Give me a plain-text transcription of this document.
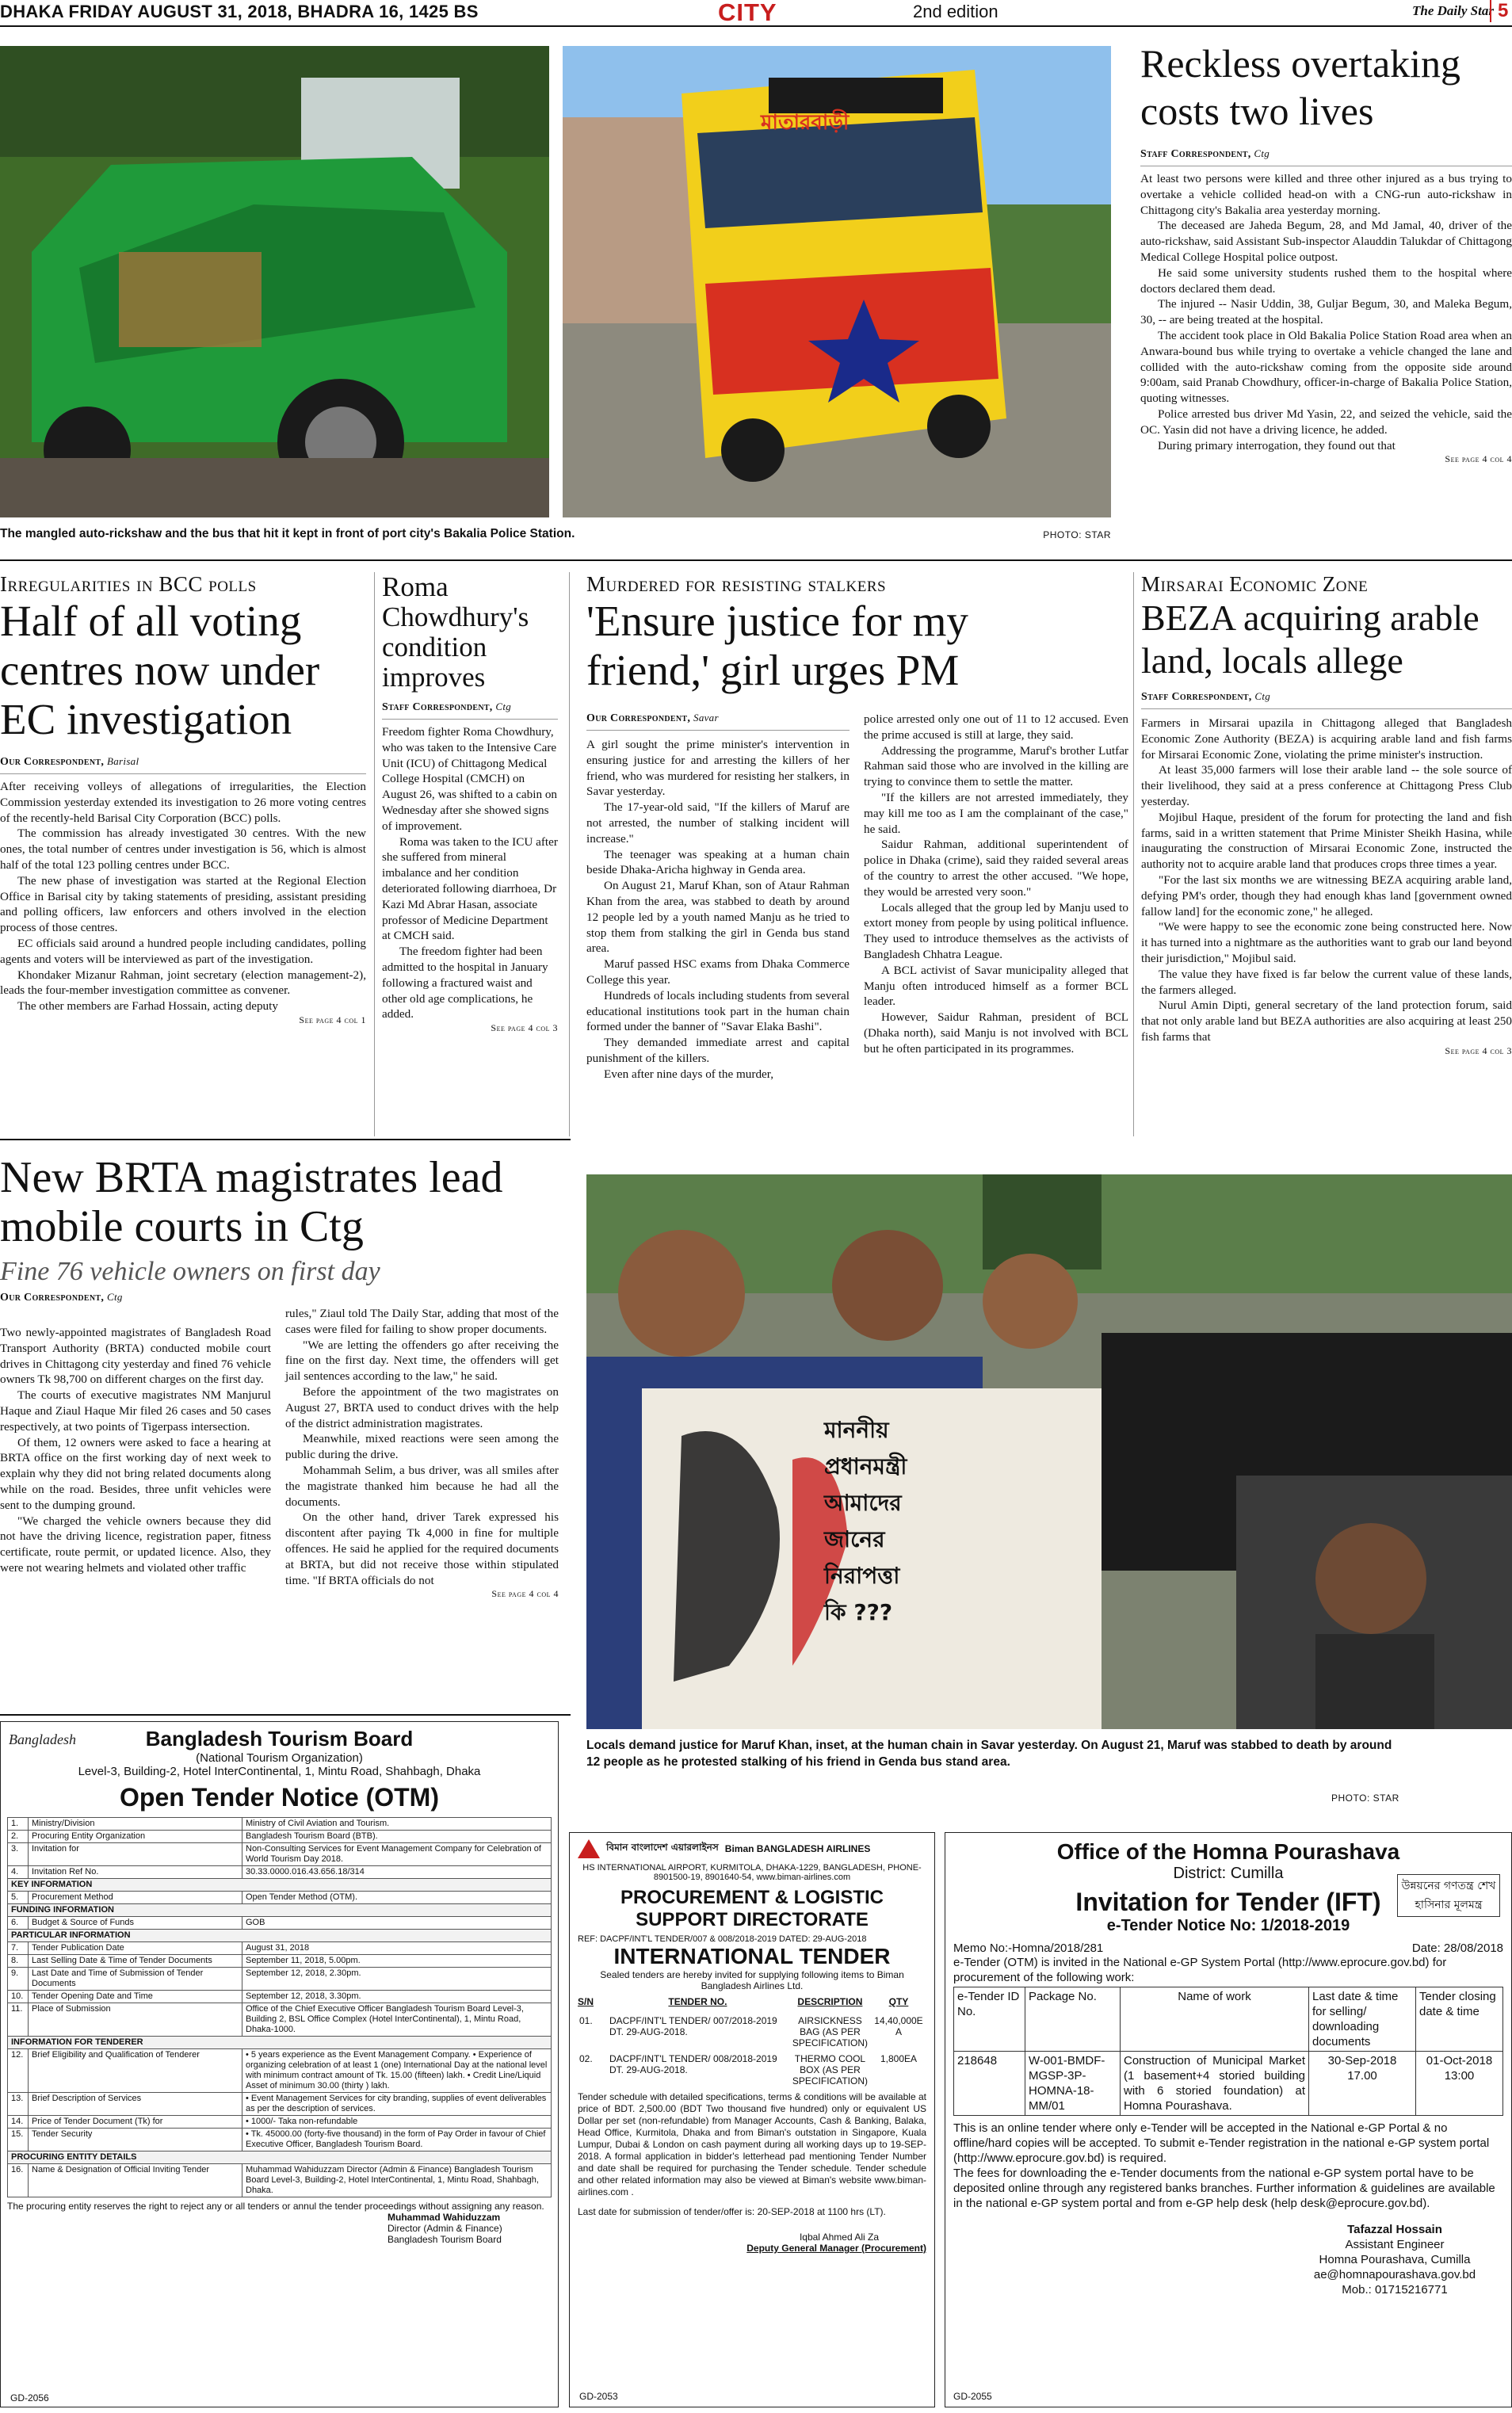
DHAKA FRIDAY AUGUST 31, 2018, BHADRA 16, 1425 BS	CITY	2nd edition	The Daily Star 5
মাতারবাড়ী
The mangled auto-rickshaw and the bus that hit it kept in front of port city's Bakalia Police Station.	PHOTO: STAR
Reckless overtaking costs two lives
Staff Correspondent, Ctg

At least two persons were killed and three other injured as a bus trying to overtake a vehicle collided head-on with a CNG-run auto-rickshaw in Chittagong city's Bakalia area yesterday morning.

The deceased are Jaheda Begum, 28, and Md Jamal, 40, driver of the auto-rickshaw, said Assistant Sub-inspector Alauddin Talukdar of Chittagong Medical College Hospital police outpost.

He said some university students rushed them to the hospital where doctors declared them dead.

The injured -- Nasir Uddin, 38, Guljar Begum, 30, and Maleka Begum, 30, -- are being treated at the hospital.

The accident took place in Old Bakalia Police Station Road area when an Anwara-bound bus while trying to overtake a vehicle changed the lane and collided with the auto-rickshaw coming from the opposite side around 9:00am, said Pranab Chowdhury, officer-in-charge of Bakalia Police Station, quoting witnesses.

Police arrested bus driver Md Yasin, 22, and seized the vehicle, said the OC. Yasin did not have a driving licence, he added.

During primary interrogation, they found out that

See page 4 col 4
Irregularities in BCC polls
Half of all voting centres now under EC investigation
Our Correspondent, Barisal

After receiving volleys of allegations of irregularities, the Election Commission yesterday extended its investigation to 26 more voting centres of the recently-held Barisal City Corporation (BCC) polls.

The commission has already investigated 30 centres. With the new ones, the total number of centres under investigation is 56, which is almost half of the total 123 polling centres under BCC.

The new phase of investigation was started at the Regional Election Office in Barisal city by taking statements of presiding, assistant presiding and polling officers, law enforcers and others involved in the election process of those centres.

EC officials said around a hundred people including candidates, polling agents and voters will be interviewed as part of the investigation.

Khondaker Mizanur Rahman, joint secretary (election management-2), leads the four-member investigation committee as convener.

The other members are Farhad Hossain, acting deputy

See page 4 col 1
Roma Chowdhury's condition improves
Staff Correspondent, Ctg

Freedom fighter Roma Chowdhury, who was taken to the Intensive Care Unit (ICU) of Chittagong Medical College Hospital (CMCH) on August 26, was shifted to a cabin on Wednesday after she showed signs of improvement.

Roma was taken to the ICU after she suffered from mineral imbalance and her condition deteriorated following diarrhoea, Dr Kazi Md Abrar Hasan, associate professor of Medicine Department at CMCH said.

The freedom fighter had been admitted to the hospital in January following a fractured waist and other old age complications, he added.

See page 4 col 3
Murdered for resisting stalkers
'Ensure justice for my friend,' girl urges PM
Our Correspondent, Savar

A girl sought the prime minister's intervention in ensuring justice for and arresting the killers of her friend, who was murdered for resisting her stalkers, in Savar yesterday.

The 17-year-old said, "If the killers of Maruf are not arrested, the number of stalking incident will increase."

The teenager was speaking at a human chain beside Dhaka-Aricha highway in Genda area.

On August 21, Maruf Khan, son of Ataur Rahman Khan from the area, was stabbed to death by around 12 people led by a youth named Manju as he tried to stop them from stalking the girl in Genda bus stand area.

Maruf passed HSC exams from Dhaka Commerce College this year.

Hundreds of locals including students from several educational institutions took part in the human chain formed under the banner of "Savar Elaka Bashi".

They demanded immediate arrest and capital punishment of the killers.

Even after nine days of the murder,

police arrested only one out of 11 to 12 accused. Even the prime accused is still at large, they said.

Addressing the programme, Maruf's brother Lutfar Rahman said those who are involved in the killing are trying to convince them to settle the matter.

"If the killers are not arrested immediately, they may kill me too as I am the complainant of the case," he said.

Saidur Rahman, additional superintendent of police in Dhaka (crime), said they raided several areas of the country to arrest the other accused. "We hope, they would be arrested very soon."

Locals alleged that the group led by Manju used to extort money from people by using political influence. They used to introduce themselves as the activists of Bangladesh Chhatra League.

A BCL activist of Savar municipality alleged that Manju often introduced himself as a former BCL leader.

However, Saidur Rahman, president of BCL (Dhaka north), said Manju is not involved with BCL but he often participated in its programmes.

Mirsarai Economic Zone
BEZA acquiring arable land, locals allege
Staff Correspondent, Ctg

Farmers in Mirsarai upazila in Chittagong alleged that Bangladesh Economic Zone Authority (BEZA) is acquiring arable land and fish farms for Mirsarai Economic Zone, violating the prime minister's instruction.

At least 35,000 farmers will lose their arable land -- the sole source of their livelihood, they said at a press conference at Chittagong Press Club yesterday.

Mojibul Haque, president of the forum for protecting the land and fish farms, said in a written statement that Prime Minister Sheikh Hasina, while inaugurating the construction of Mirsarai Economic Zone, instructed the authority not to acquire arable land that produces crops three times a year.

"For the last six months we are witnessing BEZA acquiring arable land, defying PM's order, though they had enough khas land [government owned fallow land] for the economic zone," he alleged.

"We were happy to see the economic zone being constructed here. Now it has turned into a nightmare as the authorities want to grab our land beyond their jurisdiction," Mojibul said.

The value they have fixed is far below the current value of these lands, the farmers alleged.

Nurul Amin Dipti, general secretary of the land protection forum, said that not only arable land but BEZA authorities are also acquiring at least 250 fish farms that

See page 4 col 3
New BRTA magistrates lead mobile courts in Ctg
Fine 76 vehicle owners on first day
Our Correspondent, Ctg

Two newly-appointed magistrates of Bangladesh Road Transport Authority (BRTA) conducted mobile court drives in Chittagong city yesterday and fined 76 vehicle owners Tk 98,700 on different charges on the first day.

The courts of executive magistrates NM Manjurul Haque and Ziaul Haque Mir filed 26 cases and 50 cases respectively, at two points of Tigerpass intersection.

Of them, 12 owners were asked to face a hearing at BRTA office on the first working day of next week to explain why they did not bring related documents along while on the road. Besides, three unfit vehicles were sent to the dumping ground.

"We charged the vehicle owners because they did not have the driving licence, registration paper, fitness certificate, route permit, or updated licence. Also, they were not wearing helmets and violated other traffic

rules," Ziaul told The Daily Star, adding that most of the cases were filed for failing to show proper documents.

"We are letting the offenders go after receiving the fine on the first day. Next time, the offenders will get jail sentences according to the law," he said.

Before the appointment of the two magistrates on August 27, BRTA used to conduct drives with the help of the district administration magistrates.

Meanwhile, mixed reactions were seen among the public during the drive.

Mohammah Selim, a bus driver, was all smiles after the magistrate thanked him because he had all the documents.

On the other hand, driver Tarek expressed his discontent after paying Tk 4,000 in fine for multiple offences. He said he applied for the required documents at BRTA, but did not receive those within stipulated time. "If BRTA officials do not

See page 4 col 4
মাননীয় প্রধানমন্ত্রী আমাদের জানের নিরাপত্তা কি ???
Locals demand justice for Maruf Khan, inset, at the human chain in Savar yesterday. On August 21, Maruf was stabbed to death by around 12 people as he protested stalking of his friend in Genda bus stand area.
PHOTO: STAR
Bangladesh	Bangladesh Tourism Board
(National Tourism Organization)
Level-3, Building-2, Hotel InterContinental, 1, Mintu Road, Shahbagh, Dhaka
Open Tender Notice (OTM)
1.	Ministry/Division	Ministry of Civil Aviation and Tourism.
2.	Procuring Entity Organization	Bangladesh Tourism Board (BTB).
3.	Invitation for	Non-Consulting Services for Event Management Company for Celebration of World Tourism Day 2018.
4.	Invitation Ref No.	30.33.0000.016.43.656.18/314
KEY INFORMATION		
5.	Procurement Method	Open Tender Method (OTM).
FUNDING INFORMATION		
6.	Budget & Source of Funds	GOB
PARTICULAR INFORMATION		
7.	Tender Publication Date	August 31, 2018
8.	Last Selling Date & Time of Tender Documents	September 11, 2018, 5.00pm.
9.	Last Date and Time of Submission of Tender Documents	September 12, 2018, 2.30pm.
10.	Tender Opening Date and Time	September 12, 2018, 3.30pm.
11.	Place of Submission	Office of the Chief Executive Officer Bangladesh Tourism Board Level-3, Building 2, BSL Office Complex (Hotel InterContinental), 1, Mintu Road, Dhaka-1000.
INFORMATION FOR TENDERER		
12.	Brief Eligibility and Qualification of Tenderer	• 5 years experience as the Event Management Company. • Experience of organizing celebration of at least 1 (one) International Day at the national level with minimum contract amount of Tk. 15.00 (fifteen) lakh. • Credit Line/Liquid Asset of minimum 30.00 (thirty ) lakh.
13.	Brief Description of Services	• Event Management Services for city branding, supplies of event deliverables as per the description of services.
14.	Price of Tender Document (Tk) for	• 1000/- Taka non-refundable
15.	Tender Security	• Tk. 45000.00 (forty-five thousand) in the form of Pay Order in favour of Chief Executive Officer, Bangladesh Tourism Board.
PROCURING ENTITY DETAILS		
16.	Name & Designation of Official Inviting Tender	Muhammad Wahiduzzam Director (Admin & Finance) Bangladesh Tourism Board Level-3, Building-2, Hotel InterContinental, 1, Mintu Road, Shahbagh, Dhaka.
The procuring entity reserves the right to reject any or all tenders or annul the tender proceedings without assigning any reason.
Muhammad Wahiduzzam
Director (Admin & Finance)
Bangladesh Tourism Board
GD-2056
বিমান বাংলাদেশ এয়ারলাইনস Biman BANGLADESH AIRLINES
HS INTERNATIONAL AIRPORT, KURMITOLA, DHAKA-1229, BANGLADESH, PHONE-8901500-19, 8901640-54, www.biman-airlines.com
PROCUREMENT & LOGISTIC SUPPORT DIRECTORATE
REF: DACPF/INT'L TENDER/007 & 008/2018-2019 DATED: 29-AUG-2018
INTERNATIONAL TENDER
Sealed tenders are hereby invited for supplying following items to Biman Bangladesh Airlines Ltd.
S/N	TENDER NO.	DESCRIPTION	QTY
01.	DACPF/INT'L TENDER/ 007/2018-2019 DT. 29-AUG-2018.	AIRSICKNESS BAG (AS PER SPECIFICATION)	14,40,000E A
02.	DACPF/INT'L TENDER/ 008/2018-2019 DT. 29-AUG-2018.	THERMO COOL BOX (AS PER SPECIFICATION)	1,800EA
Tender schedule with detailed specifications, terms & conditions will be available at price of BDT. 2,500.00 (BDT Two thousand five hundred) only or equivalent US Dollar per set (non-refundable) from Manager Accounts, Cash & Banking, Balaka, Head Office, Kurmitola, Dhaka and from Biman's outstation in Singapore, Kuala Lumpur, Dubai & London on cash payment during all working days up to 19-SEP-2018. A formal application in bidder's letterhead pad mentioning Tender Number and date shall be required for purchasing the Tender schedule. Tender schedule and other related information may also be viewed at Biman's website www.biman-airlines.com .
Last date for submission of tender/offer is: 20-SEP-2018 at 1100 hrs (LT).
Iqbal Ahmed Ali Za
Deputy General Manager (Procurement)
GD-2053
Office of the Homna Pourashava
District: Cumilla
উন্নয়নের গণতন্ত্র শেখ হাসিনার মূলমন্ত্র
Invitation for Tender (IFT)
e-Tender Notice No: 1/2018-2019
Memo No:-Homna/2018/281	Date: 28/08/2018
e-Tender (OTM) is invited in the National e-GP System Portal (http://www.eprocure.gov.bd) for procurement of the following work:
e-Tender ID No.	Package No.	Name of work	Last date & time for selling/ downloading documents	Tender closing date & time
218648	W-001-BMDF-MGSP-3P-HOMNA-18-MM/01	Construction of Municipal Market (1 basement+4 storied building with 6 storied foundation) at Homna Pourashava.	30-Sep-2018 17.00	01-Oct-2018 13:00
This is an online tender where only e-Tender will be accepted in the National e-GP Portal & no offline/hard copies will be accepted. To submit e-Tender registration in the national e-GP system portal (http://www.eprocure.gov.bd) is required.
The fees for downloading the e-Tender documents from the national e-GP system portal have to be deposited online through any registered banks branches. Further information & guidelines are available in the national e-GP system portal and from e-GP help desk (help desk@eprocure.gov.bd).
Tafazzal Hossain
Assistant Engineer
Homna Pourashava, Cumilla
ae@homnapourashava.gov.bd
Mob.: 01715216771
GD-2055
